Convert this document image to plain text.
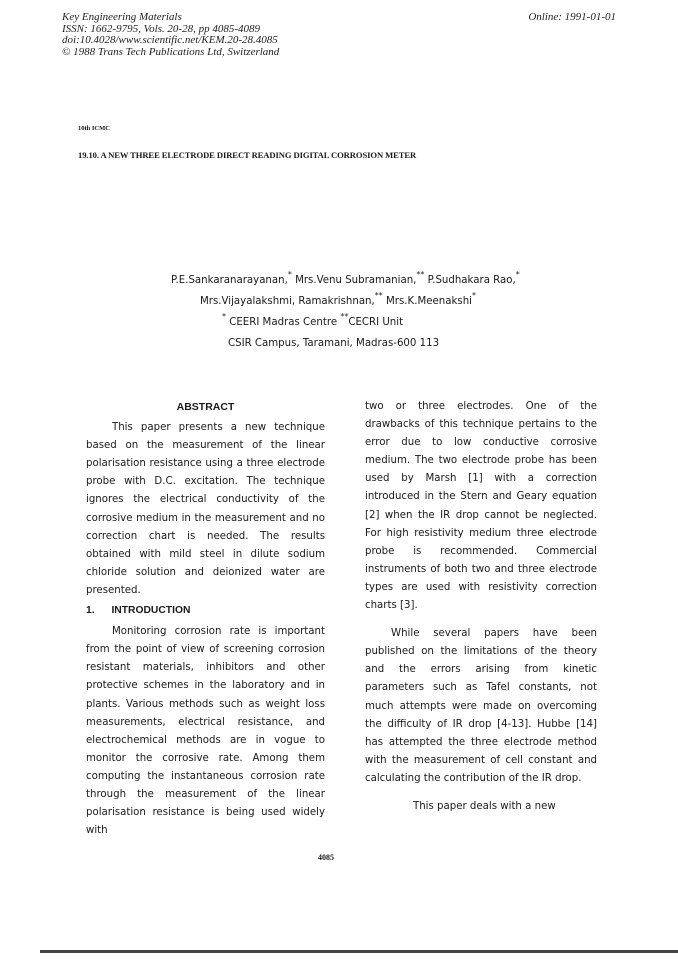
Key Engineering Materials
ISSN: 1662-9795, Vols. 20-28, pp 4085-4089
doi:10.4028/www.scientific.net/KEM.20-28.4085
© 1988 Trans Tech Publications Ltd, Switzerland
Online: 1991-01-01
10th ICMC
19.10. A NEW THREE ELECTRODE DIRECT READING DIGITAL CORROSION METER
P.E.Sankaranarayanan,* Mrs.Venu Subramanian,** P.Sudhakara Rao,*
Mrs.Vijayalakshmi, Ramakrishnan,** Mrs.K.Meenakshi*
* CEERI Madras Centre **CECRI Unit
CSIR Campus, Taramani, Madras-600 113
ABSTRACT

This paper presents a new technique based on the measurement of the linear polarisation resistance using a three electrode probe with D.C. excitation. The technique ignores the electrical conductivity of the corrosive medium in the measurement and no correction chart is needed. The results obtained with mild steel in dilute sodium chloride solution and deionized water are presented.

1. INTRODUCTION

Monitoring corrosion rate is important from the point of view of screening corrosion resistant materials, inhibitors and other protective schemes in the laboratory and in plants. Various methods such as weight loss measurements, electrical resistance, and electrochemical methods are in vogue to monitor the corrosive rate. Among them computing the instantaneous corrosion rate through the measurement of the linear polarisation resistance is being used widely with

two or three electrodes. One of the drawbacks of this technique pertains to the error due to low conductive corrosive medium. The two electrode probe has been used by Marsh [1] with a correction introduced in the Stern and Geary equation [2] when the IR drop cannot be neglected. For high resistivity medium three electrode probe is recommended. Commercial instruments of both two and three electrode types are used with resistivity correction charts [3].

While several papers have been published on the limitations of the theory and the errors arising from kinetic parameters such as Tafel constants, not much attempts were made on overcoming the difficulty of IR drop [4-13]. Hubbe [14] has attempted the three electrode method with the measurement of cell constant and calculating the contribution of the IR drop.

This paper deals with a new

4085
